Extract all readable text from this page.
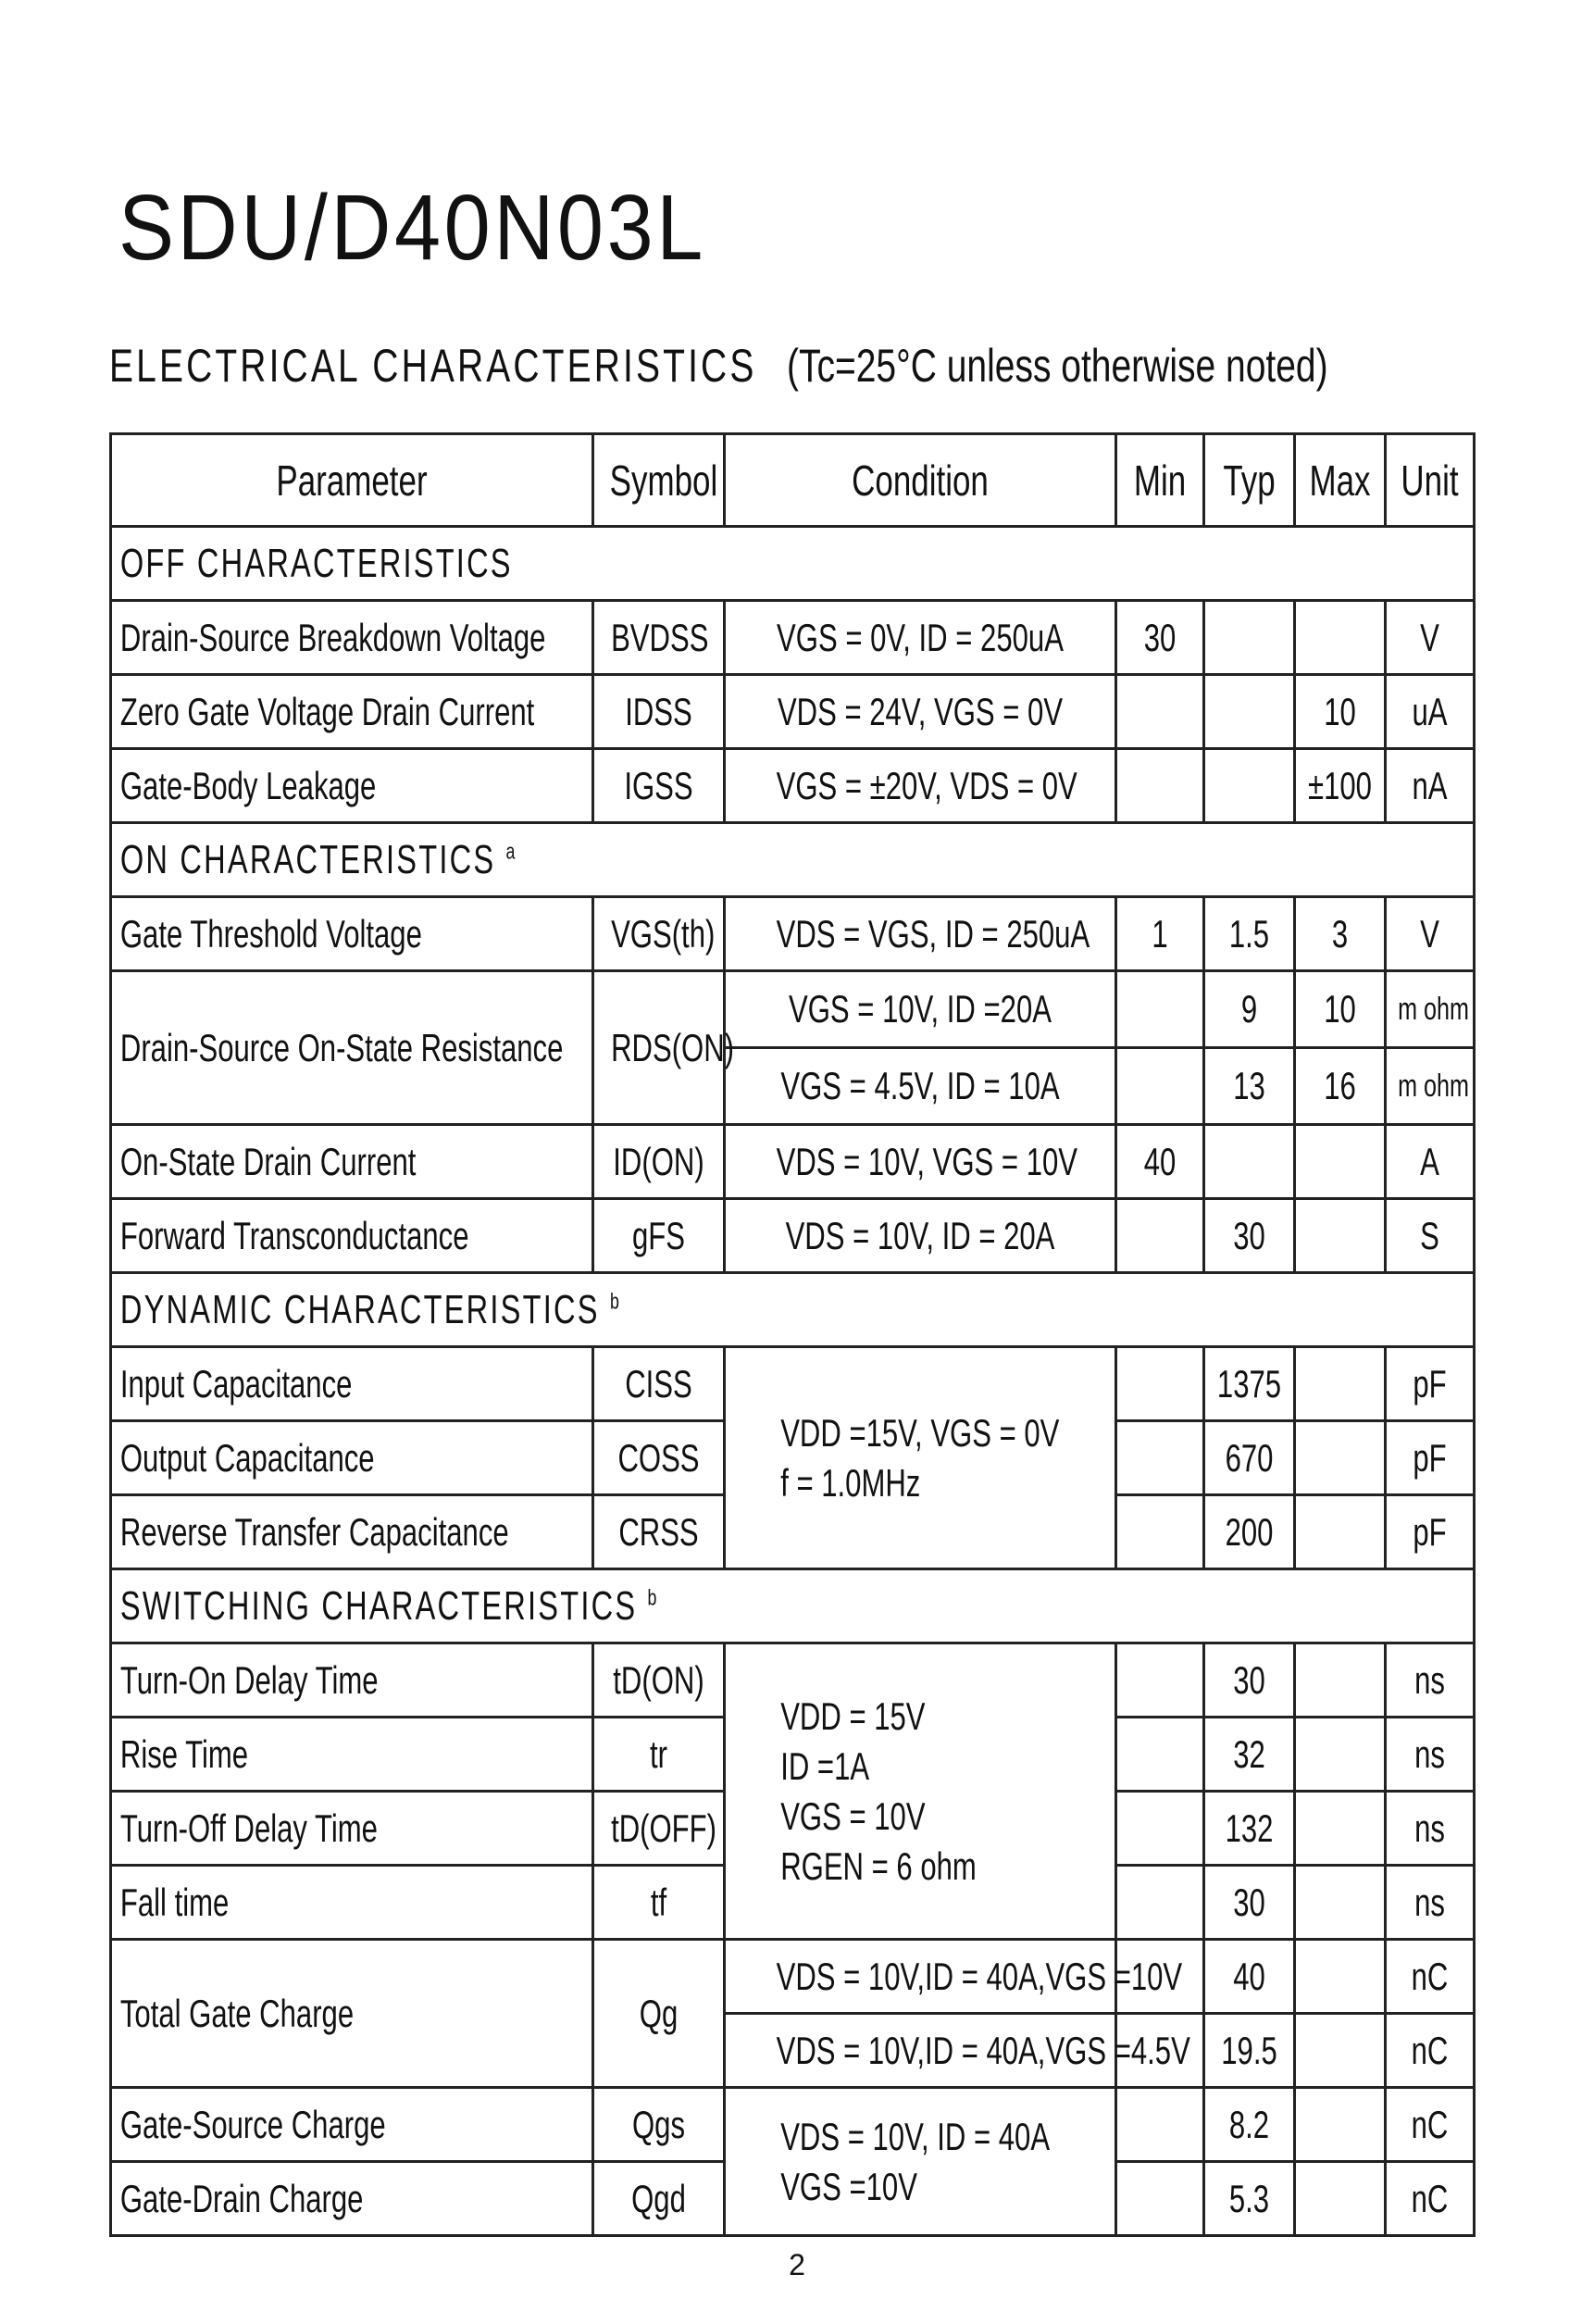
SDU/D40N03L
ELECTRICAL CHARACTERISTICS (Tc=25°C unless otherwise noted)
Parameter	Symbol	Condition	Min	Typ	Max	Unit

OFF CHARACTERISTICS						

Drain-Source Breakdown Voltage	BVDSS	VGS = 0V, ID = 250uA	30			V

Zero Gate Voltage Drain Current	IDSS	VDS = 24V, VGS = 0V			10	uA

Gate-Body Leakage	IGSS	VGS = ±20V, VDS = 0V			±100	nA

ON CHARACTERISTICS $^a$

Gate Threshold Voltage	VGS(th)	VDS = VGS, ID = 250uA	1	1.5	3	V

Drain-Source On-State Resistance	RDS(ON)	VGS = 10V, ID =20A		9	10	m ohm

		VGS = 4.5V, ID = 10A		13	16	m ohm

On-State Drain Current	ID(ON)	VDS = 10V, VGS = 10V	40			A

Forward Transconductance	gFS	VDS = 10V, ID = 20A		30		S

DYNAMIC CHARACTERISTICS $^b$

Input Capacitance	CISS	VDD =15V, VGS = 0V
f = 1.0MHz		1375		pF

Output Capacitance	COSS			670		pF

Reverse Transfer Capacitance	CRSS			200		pF

SWITCHING CHARACTERISTICS $^b$

Turn-On Delay Time	tD(ON)	VDD = 15V
ID =1A
VGS = 10V
RGEN = 6 ohm		30		ns

Rise Time	tr			32		ns

Turn-Off Delay Time	tD(OFF)			132		ns

Fall time	tf			30		ns

Total Gate Charge	Qg	VDS = 10V,ID = 40A,VGS =10V		40		nC

		VDS = 10V,ID = 40A,VGS =4.5V		19.5		nC

Gate-Source Charge	Qgs	VDS = 10V, ID = 40A
VGS =10V		8.2		nC

Gate-Drain Charge	Qgd			5.3		nC
2
